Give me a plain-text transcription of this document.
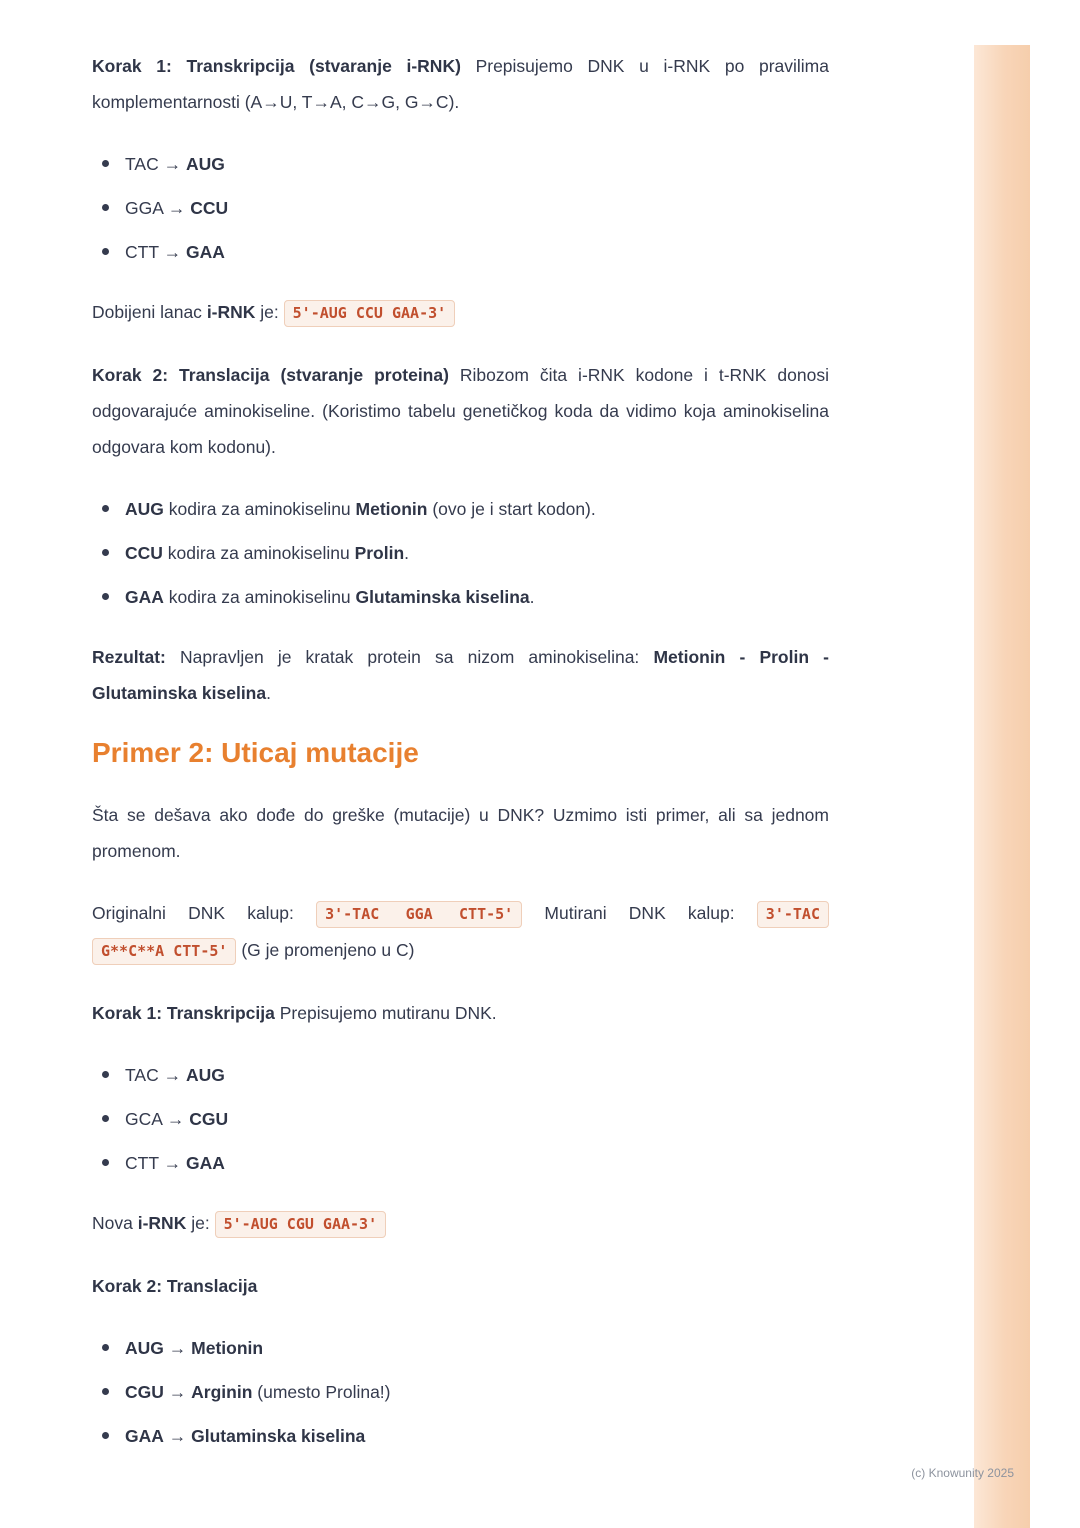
Korak 1: Transkripcija (stvaranje i-RNK) Prepisujemo DNK u i-RNK po pravilima komplementarnosti (A→U, T→A, C→G, G→C).

TAC → AUG
GGA → CCU
CTT → GAA

Dobijeni lanac i-RNK je: 5'-AUG CCU GAA-3'

Korak 2: Translacija (stvaranje proteina) Ribozom čita i-RNK kodone i t-RNK donosi odgovarajuće aminokiseline. (Koristimo tabelu genetičkog koda da vidimo koja aminokiselina odgovara kom kodonu).

AUG kodira za aminokiselinu Metionin (ovo je i start kodon).
CCU kodira za aminokiselinu Prolin.
GAA kodira za aminokiselinu Glutaminska kiselina.

Rezultat: Napravljen je kratak protein sa nizom aminokiselina: Metionin - Prolin - Glutaminska kiselina.

Primer 2: Uticaj mutacije

Šta se dešava ako dođe do greške (mutacije) u DNK? Uzmimo isti primer, ali sa jednom promenom.

Originalni DNK kalup: 3'-TAC GGA CTT-5' Mutirani DNK kalup: 3'-TAC
G**C**A CTT-5' (G je promenjeno u C)

Korak 1: Transkripcija Prepisujemo mutiranu DNK.

TAC → AUG
GCA → CGU
CTT → GAA

Nova i-RNK je: 5'-AUG CGU GAA-3'

Korak 2: Translacija

AUG → Metionin
CGU → Arginin (umesto Prolina!)
GAA → Glutaminska kiselina
(c) Knowunity 2025
